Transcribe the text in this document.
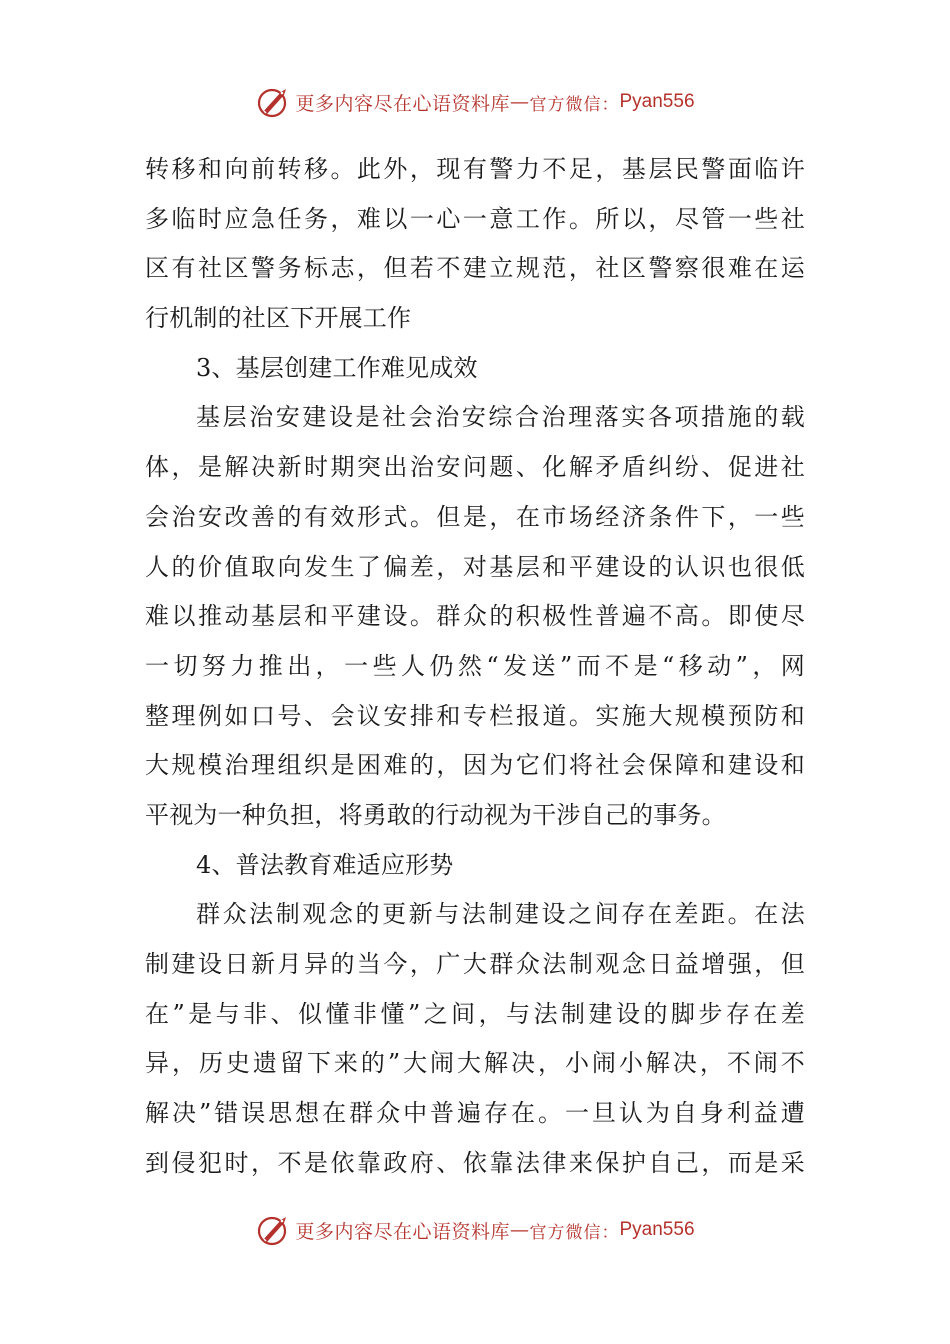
更多内容尽在心语资料库 — 官方微信： Pyan556
转移和向前转移。此外，现有警力不足，基层民警面临许
多临时应急任务，难以一心一意工作。所以，尽管一些社
区有社区警务标志，但若不建立规范，社区警察很难在运
行机制的社区下开展工作
3、基层创建工作难见成效
基层治安建设是社会治安综合治理落实各项措施的载
体，是解决新时期突出治安问题、化解矛盾纠纷、促进社
会治安改善的有效形式。但是，在市场经济条件下，一些
人的价值取向发生了偏差，对基层和平建设的认识也很低
难以推动基层和平建设。群众的积极性普遍不高。即使尽
一切努力推出，一些人仍然“发送”而不是“移动”，网
整理例如口号、会议安排和专栏报道。实施大规模预防和
大规模治理组织是困难的，因为它们将社会保障和建设和
平视为一种负担，将勇敢的行动视为干涉自己的事务。
4、普法教育难适应形势
群众法制观念的更新与法制建设之间存在差距。在法
制建设日新月异的当今，广大群众法制观念日益增强，但
在”是与非、似懂非懂”之间，与法制建设的脚步存在差
异，历史遗留下来的”大闹大解决，小闹小解决，不闹不
解决”错误思想在群众中普遍存在。一旦认为自身利益遭
到侵犯时，不是依靠政府、依靠法律来保护自己，而是采
更多内容尽在心语资料库 — 官方微信： Pyan556
